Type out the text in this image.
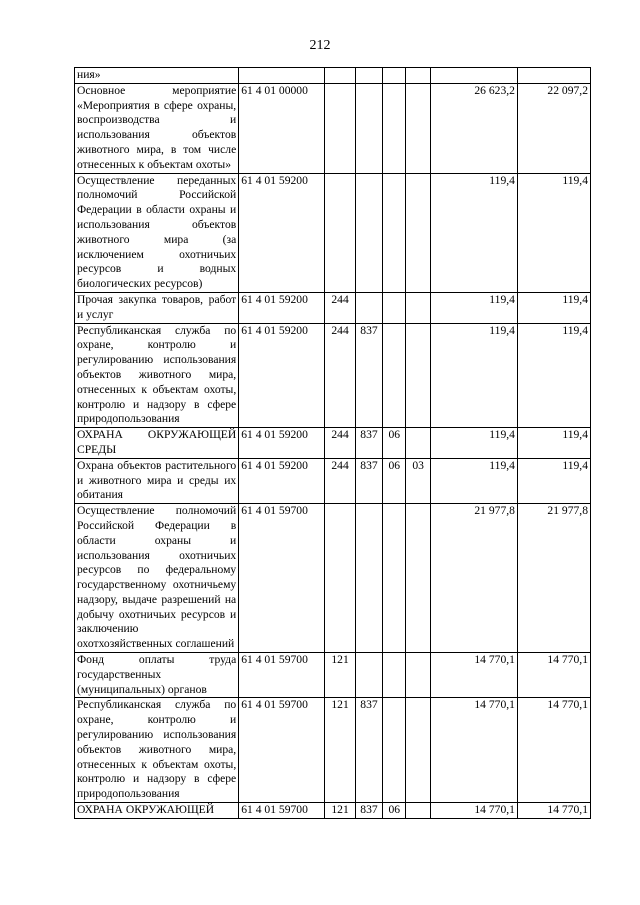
212
ния»							
Основное мероприятие «Мероприятия в сфере охраны, воспроизводства и использования объектов животного мира, в том числе отнесенных к объектам охоты»	61 4 01 00000					26 623,2	22 097,2
Осуществление переданных полномочий Российской Федерации в области охраны и использования объектов животного мира (за исключением охотничьих ресурсов и водных биологических ресурсов)	61 4 01 59200					119,4	119,4
Прочая закупка товаров, работ и услуг	61 4 01 59200	244				119,4	119,4
Республиканская служба по охране, контролю и регулированию использования объектов животного мира, отнесенных к объектам охоты, контролю и надзору в сфере природопользования	61 4 01 59200	244	837			119,4	119,4
ОХРАНА ОКРУЖАЮЩЕЙ СРЕДЫ	61 4 01 59200	244	837	06		119,4	119,4
Охрана объектов растительного и животного мира и среды их обитания	61 4 01 59200	244	837	06	03	119,4	119,4
Осуществление полномочий Российской Федерации в области охраны и использования охотничьих ресурсов по федеральному государственному охотничьему надзору, выдаче разрешений на добычу охотничьих ресурсов и заключению охотхозяйственных соглашений	61 4 01 59700					21 977,8	21 977,8
Фонд оплаты труда государственных (муниципальных) органов	61 4 01 59700	121				14 770,1	14 770,1
Республиканская служба по охране, контролю и регулированию использования объектов животного мира, отнесенных к объектам охоты, контролю и надзору в сфере природопользования	61 4 01 59700	121	837			14 770,1	14 770,1
ОХРАНА ОКРУЖАЮЩЕЙ	61 4 01 59700	121	837	06		14 770,1	14 770,1
